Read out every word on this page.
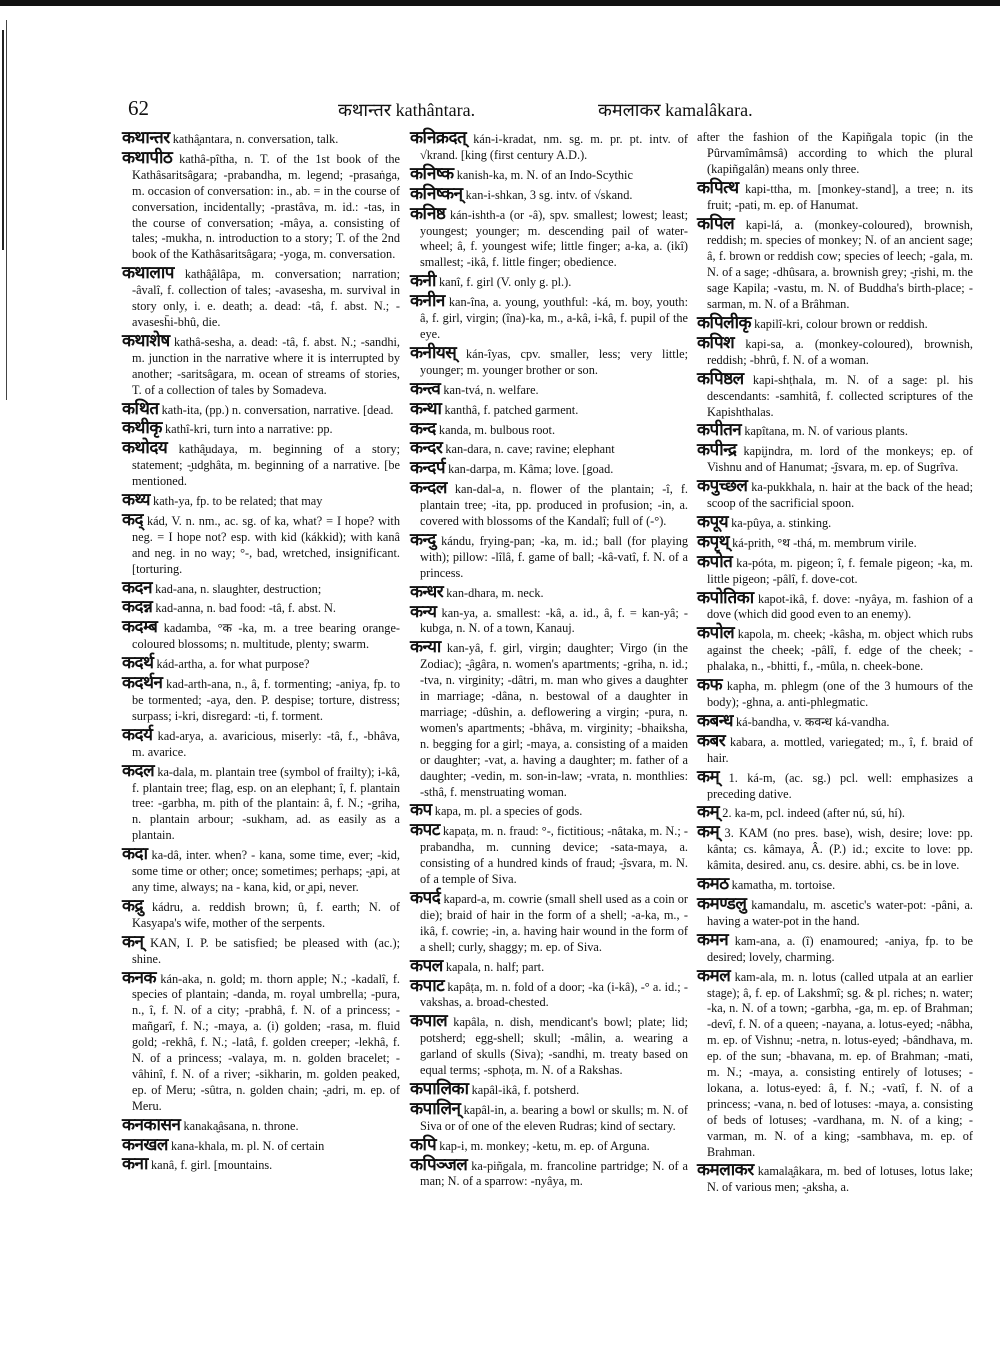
62	कथान्तर kathântara.	कमलाकर kamalâkara.
कथान्तर kathâ̮antara, n. conversation, talk.
कथापीठ kathâ-pîtha, n. T. of the 1st book of the Kathâsaritsâgara; -prabandha, m. legend; -prasaṅga, m. occasion of conversation: in., ab. = in the course of conversation, incidentally; -prastâva, m. id.: -tas, in the course of conversation; -mâya, a. consisting of tales; -mukha, n. introduction to a story; T. of the 2nd book of the Kathâsaritsâgara; -yoga, m. conversation.
कथालाप kathâ̮âlâpa, m. conversation; narration; -âvalî, f. collection of tales; -avasesha, m. survival in story only, i. e. death; a. dead: -tâ, f. abst. N.; -avasesh̄i-bhû, die.
कथाशेष kathâ-sesha, a. dead: -tâ, f. abst. N.; -sandhi, m. junction in the narrative where it is interrupted by another; -saritsâgara, m. ocean of streams of stories, T. of a collection of tales by Somadeva.
कथित kath-ita, (pp.) n. conversation, narrative. [dead.
कथीकृ kathî-kri, turn into a narrative: pp.
कथोदय kathâ̮udaya, m. beginning of a story; statement; -̮udghâta, m. beginning of a narrative. [be mentioned.
कथ्य kath-ya, fp. to be related; that may
कद् kád, V. n. nm., ac. sg. of ka, what? = I hope? with neg. = I hope not? esp. with kid (kákkid); with kanâ and neg. in no way; °-, bad, wretched, insignificant. [torturing.
कदन kad-ana, n. slaughter, destruction;
कदन्न kad-anna, n. bad food: -tâ, f. abst. N.
कदम्ब kadamba, °क -ka, m. a tree bearing orange-coloured blossoms; n. multitude, plenty; swarm.
कदर्थ kád-artha, a. for what purpose?
कदर्थन kad-arth-ana, n., â, f. tormenting; -aniya, fp. to be tormented; -aya, den. P. despise; torture, distress; surpass; i-kri, disregard: -ti, f. torment.
कदर्य kad-arya, a. avaricious, miserly: -tâ, f., -bhâva, m. avarice.
कदल ka-dala, m. plantain tree (symbol of frailty); i-kâ, f. plantain tree; flag, esp. on an elephant; î, f. plantain tree: -garbha, m. pith of the plantain: â, f. N.; -griha, n. plantain arbour; -sukham, ad. as easily as a plantain.
कदा ka-dâ, inter. when? - kana, some time, ever; -kid, some time or other; once; sometimes; perhaps; -̮api, at any time, always; na - kana, kid, or ̮api, never.
कद्रु kádru, a. reddish brown; û, f. earth; N. of Kasyapa's wife, mother of the serpents.
कन् KAN, I. P. be satisfied; be pleased with (ac.); shine.
कनक kán-aka, n. gold; m. thorn apple; N.; -kadalî, f. species of plantain; -danda, m. royal umbrella; -pura, n., î, f. N. of a city; -prabhâ, f. N. of a princess; -mañgarî, f. N.; -maya, a. (i) golden; -rasa, m. fluid gold; -rekhâ, f. N.; -latâ, f. golden creeper; -lekhâ, f. N. of a princess; -valaya, m. n. golden bracelet; -vâhinî, f. N. of a river; -sikharin, m. golden peaked, ep. of Meru; -sûtra, n. golden chain; -̮adri, m. ep. of Meru.
कनकासन kanaka̮âsana, n. throne.
कनखल kana-khala, m. pl. N. of certain
कना kanâ, f. girl. [mountains.
कनिक्रदत् kán-i-kradat, nm. sg. m. pr. pt. intv. of √krand. [king (first century A.D.).
कनिष्क kanish-ka, m. N. of an Indo-Scythic
कनिष्कन् kan-i-shkan, 3 sg. intv. of √skand.
कनिष्ठ kán-ishth-a (or -â), spv. smallest; lowest; least; youngest; younger; m. descending pail of water-wheel; â, f. youngest wife; little finger; a-ka, a. (ikî) smallest; -ikâ, f. little finger; obedience.
कनी kanî, f. girl (V. only g. pl.).
कनीन kan-îna, a. young, youthful: -ká, m. boy, youth: â, f. girl, virgin; (îna)-ka, m., a-kâ, i-kâ, f. pupil of the eye.
कनीयस् kán-îyas, cpv. smaller, less; very little; younger; m. younger brother or son.
कन्त्व kan-tvá, n. welfare.
कन्था kanthâ, f. patched garment.
कन्द kanda, m. bulbous root.
कन्दर kan-dara, n. cave; ravine; elephant
कन्दर्प kan-darpa, m. Kâma; love. [goad.
कन्दल kan-dal-a, n. flower of the plantain; -î, f. plantain tree; -ita, pp. produced in profusion; -in, a. covered with blossoms of the Kandalî; full of (-°).
कन्दु kándu, frying-pan; -ka, m. id.; ball (for playing with); pillow: -lîlâ, f. game of ball; -kâ-vatî, f. N. of a princess.
कन्धर kan-dhara, m. neck.
कन्य kan-ya, a. smallest: -kâ, a. id., â, f. = kan-yâ; -kubga, n. N. of a town, Kanauj.
कन्या kan-yâ, f. girl, virgin; daughter; Virgo (in the Zodiac); -̮âgâra, n. women's apartments; -griha, n. id.; -tva, n. virginity; -dâtri, m. man who gives a daughter in marriage; -dâna, n. bestowal of a daughter in marriage; -dûshin, a. deflowering a virgin; -pura, n. women's apartments; -bhâva, m. virginity; -bhaiksha, n. begging for a girl; -maya, a. consisting of a maiden or daughter; -vat, a. having a daughter; m. father of a daughter; -vedin, m. son-in-law; -vrata, n. monthlies: -sthâ, f. menstruating woman.
कप kapa, m. pl. a species of gods.
कपट kapaṭa, m. n. fraud: °-, fictitious; -nâtaka, m. N.; -prabandha, m. cunning device; -sata-maya, a. consisting of a hundred kinds of fraud; -̮îsvara, m. N. of a temple of Siva.
कपर्द kapard-a, m. cowrie (small shell used as a coin or die); braid of hair in the form of a shell; -a-ka, m., -ikâ, f. cowrie; -in, a. having hair wound in the form of a shell; curly, shaggy; m. ep. of Siva.
कपल kapala, n. half; part.
कपाट kapâṭa, m. n. fold of a door; -ka (i-kâ), -° a. id.; -vakshas, a. broad-chested.
कपाल kapâla, n. dish, mendicant's bowl; plate; lid; potsherd; egg-shell; skull; -mâlin, a. wearing a garland of skulls (Siva); -sandhi, m. treaty based on equal terms; -sphoṭa, m. N. of a Rakshas.
कपालिका kapâl-ikâ, f. potsherd.
कपालिन् kapâl-in, a. bearing a bowl or skulls; m. N. of Siva or of one of the eleven Rudras; kind of sectary.
कपि kap-i, m. monkey; -ketu, m. ep. of Arguna.
कपिञ्जल ka-piñgala, m. francoline partridge; N. of a man; N. of a sparrow: -nyâya, m.
after the fashion of the Kapiñgala topic (in the Pûrvamîmâmsâ) according to which the plural (kapiñgalân) means only three.
कपित्थ kapi-ttha, m. [monkey-stand], a tree; n. its fruit; -pati, m. ep. of Hanumat.
कपिल kapi-lá, a. (monkey-coloured), brownish, reddish; m. species of monkey; N. of an ancient sage; â, f. brown or reddish cow; species of leech; -gala, m. N. of a sage; -dhûsara, a. brownish grey; -̮rishi, m. the sage Kapila; -vastu, m. N. of Buddha's birth-place; -sarman, m. N. of a Brâhman.
कपिलीकृ kapilî-kri, colour brown or reddish.
कपिश kapi-sa, a. (monkey-coloured), brownish, reddish; -bhrû, f. N. of a woman.
कपिष्ठल kapi-shṭhala, m. N. of a sage: pl. his descendants: -samhitâ, f. collected scriptures of the Kapishthalas.
कपीतन kapîtana, m. N. of various plants.
कपीन्द्र kapi̮indra, m. lord of the monkeys; ep. of Vishnu and of Hanumat; -̮îsvara, m. ep. of Sugrîva.
कपुच्छल ka-pukkhala, n. hair at the back of the head; scoop of the sacrificial spoon.
कपूय ka-pûya, a. stinking.
कपृथ् ká-prith, °थ -thá, m. membrum virile.
कपोत ka-póta, m. pigeon; î, f. female pigeon; -ka, m. little pigeon; -pâlî, f. dove-cot.
कपोतिका kapot-ikâ, f. dove: -nyâya, m. fashion of a dove (which did good even to an enemy).
कपोल kapola, m. cheek; -kâsha, m. object which rubs against the cheek; -pâlî, f. edge of the cheek; -phalaka, n., -bhitti, f., -mûla, n. cheek-bone.
कफ kapha, m. phlegm (one of the 3 humours of the body); -ghna, a. anti-phlegmatic.
कबन्ध ká-bandha, v. कवन्ध ká-vandha.
कबर kabara, a. mottled, variegated; m., î, f. braid of hair.
कम् 1. ká-m, (ac. sg.) pcl. well: emphasizes a preceding dative.
कम् 2. ka-m, pcl. indeed (after nú, sú, hí).
कम् 3. KAM (no pres. base), wish, desire; love: pp. kânta; cs. kâmaya, Â. (P.) id.; excite to love: pp. kâmita, desired. anu, cs. desire. abhi, cs. be in love.
कमठ kamatha, m. tortoise.
कमण्डलु kamandalu, m. ascetic's water-pot: -pâni, a. having a water-pot in the hand.
कमन kam-ana, a. (î) enamoured; -aniya, fp. to be desired; lovely, charming.
कमल kam-ala, m. n. lotus (called utpala at an earlier stage); â, f. ep. of Lakshmî; sg. & pl. riches; n. water; -ka, n. N. of a town; -garbha, -ga, m. ep. of Brahman; -devî, f. N. of a queen; -nayana, a. lotus-eyed; -nâbha, m. ep. of Vishnu; -netra, n. lotus-eyed; -bândhava, m. ep. of the sun; -bhavana, m. ep. of Brahman; -mati, m. N.; -maya, a. consisting entirely of lotuses; -lokana, a. lotus-eyed: â, f. N.; -vatî, f. N. of a princess; -vana, n. bed of lotuses: -maya, a. consisting of beds of lotuses; -vardhana, m. N. of a king; -varman, m. N. of a king; -sambhava, m. ep. of Brahman.
कमलाकर kamala̮âkara, m. bed of lotuses, lotus lake; N. of various men; -̮aksha, a.
